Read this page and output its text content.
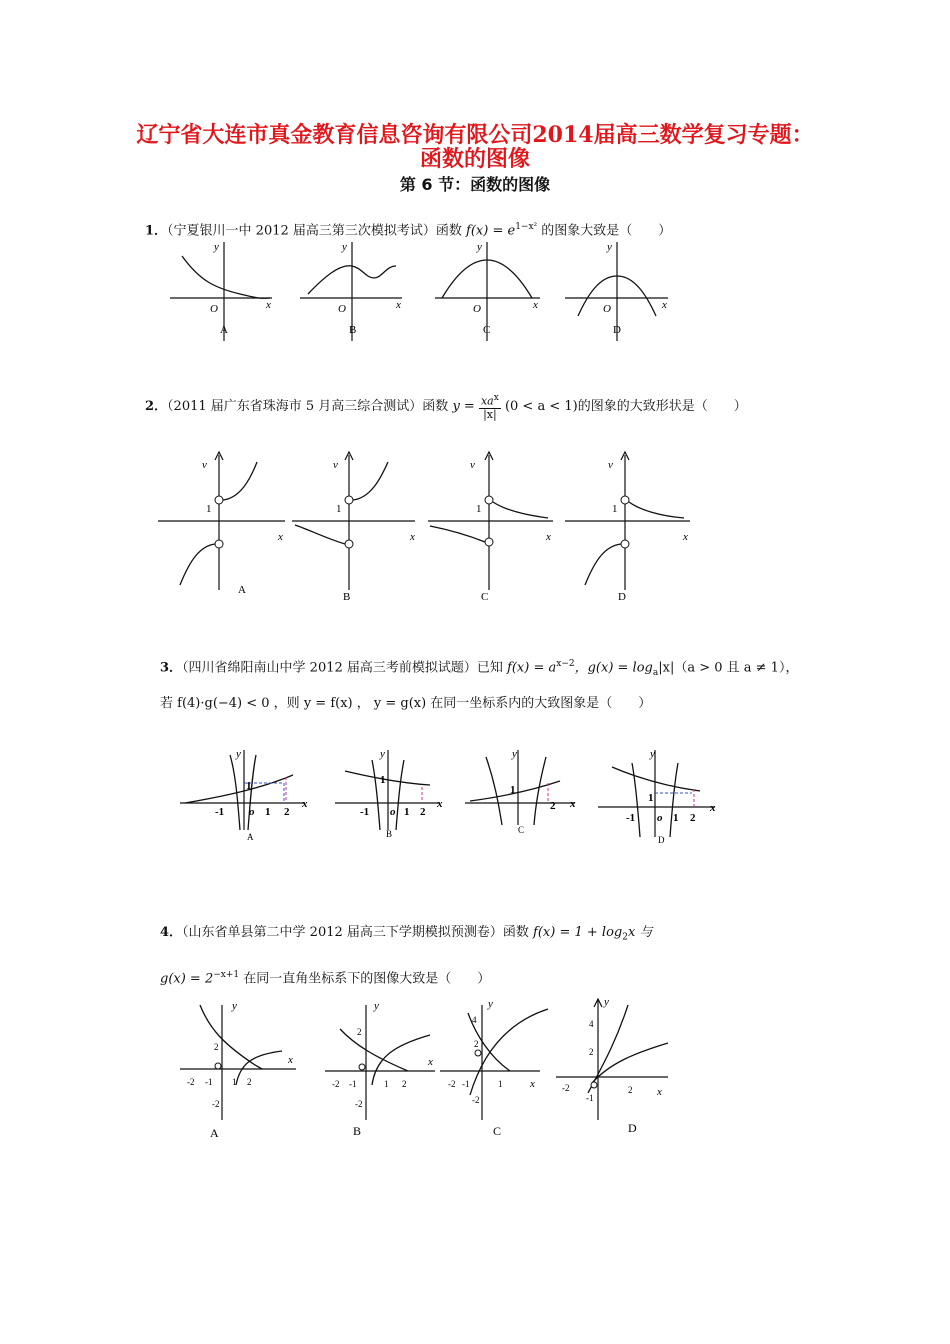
辽宁省大连市真金教育信息咨询有限公司2014届高三数学复习专题：
函数的图像
第 6 节：函数的图像
1．（宁夏银川一中 2012 届高三第三次模拟考试）函数 $f(x) = e^{1-x^2}$ 的图象大致是（　　）
O	x
y
A
O	x
y
B
O	x
y
C
O	x
y
D
2．（2011 届广东省珠海市 5 月高三综合测试）函数 $y = \frac{xa^x}{|x|} (0 < a < 1)$的图象的大致形状是（　　）
1
v
x
A
1
v
x
B
1
v
x
C
1
v
x
D
3．（四川省绵阳南山中学 2012 届高三考前模拟试题）已知 $f(x) = a^{x-2}$，$g(x) = \log_a|x|(a > 0$ 且 a ≠ 1），
若 f(4)·g(−4) < 0 ，则 y = f(x) ， y = g(x) 在同一坐标系内的大致图象是（　　）
1
-1 o 1 2
x
y
A
1
-1 o 1 2
x
y
B
1
2 x
y
C
1
-1 o 1 2
x
y
D
4．（山东省单县第二中学 2012 届高三下学期模拟预测卷）函数 $f(x) = 1 + \log_2x$ 与
$g(x) = 2^{-x+1}$ 在同一直角坐标系下的图像大致是（　　）
y
x
2
-2 -1 1 2
-2
A
y
x
2
-2 -1	1 2
-2
B
y
x
4
2
-2 -1	1
-2
C
y
x
4
2
-2
-1
2
D
